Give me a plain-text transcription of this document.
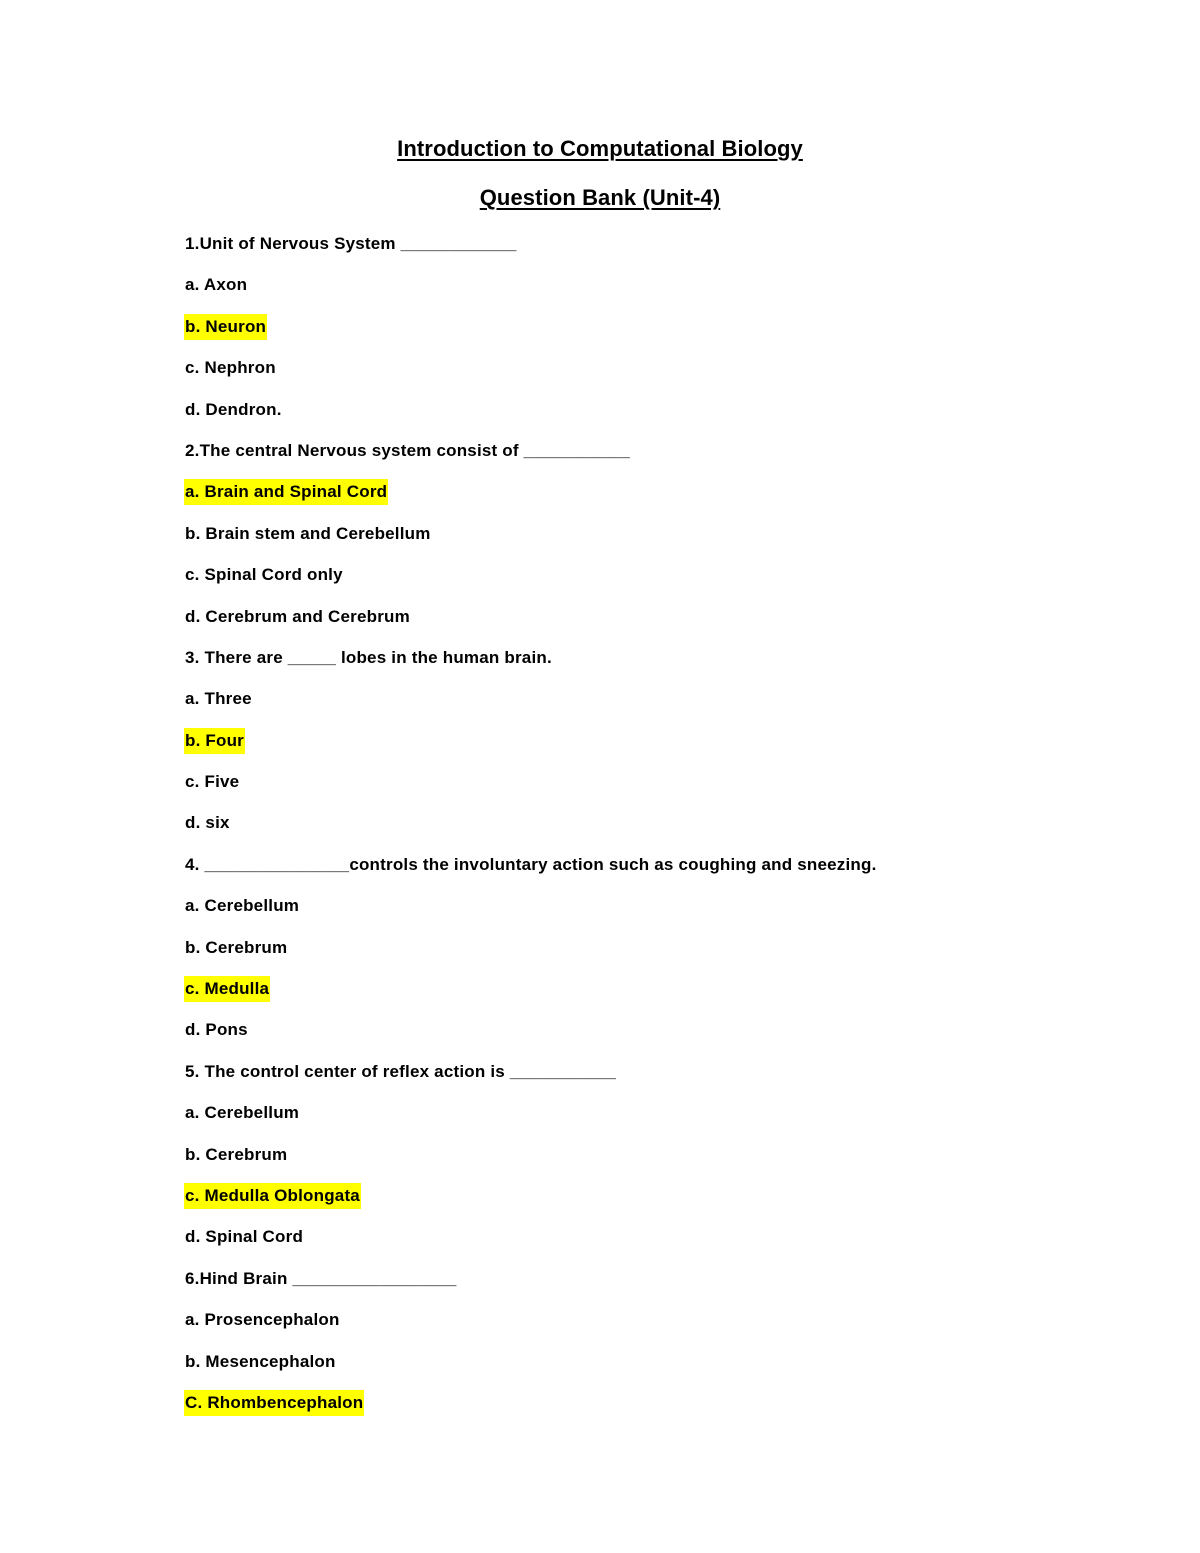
Introduction to Computational Biology
Question Bank (Unit-4)
1.Unit of Nervous System ____________
a. Axon
b. Neuron
c. Nephron
d. Dendron.
2.The central Nervous system consist of ___________
a. Brain and Spinal Cord
b. Brain stem and Cerebellum
c. Spinal Cord only
d. Cerebrum and Cerebrum
3. There are _____ lobes in the human brain.
a. Three
b. Four
c. Five
d. six
4. _______________controls the involuntary action such as coughing and sneezing.
a. Cerebellum
b. Cerebrum
c. Medulla
d. Pons
5. The control center of reflex action is ___________
a. Cerebellum
b. Cerebrum
c. Medulla Oblongata
d. Spinal Cord
6.Hind Brain _________________
a. Prosencephalon
b. Mesencephalon
C. Rhombencephalon
